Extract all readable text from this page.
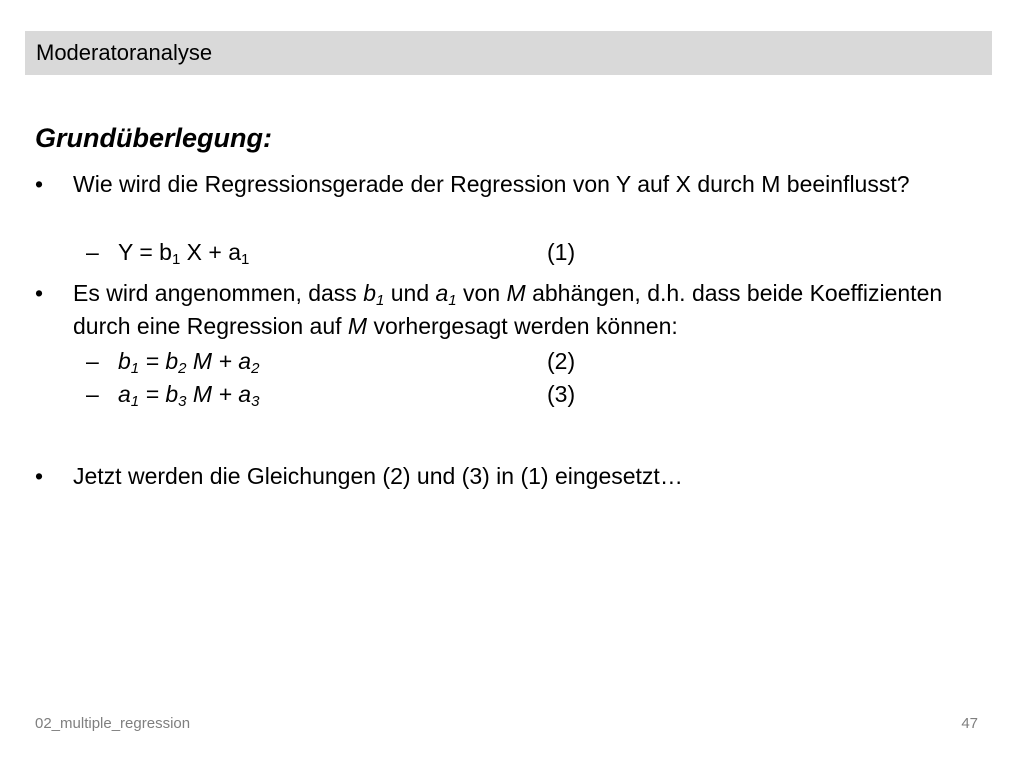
Moderatoranalyse
Grundüberlegung:
• Wie wird die Regressionsgerade der Regression von Y auf X durch M beeinflusst?
– $Y = b_1$ $X + a_1$	(1)
• Es wird angenommen, dass $b_1$ und $a_1$ von M abhängen, d.h. dass beide Koeffizienten durch eine Regression auf M vorhergesagt werden können:
– $b_1 = b_2$ $M + a_2$	(2)
– $a_1 = b_3$ $M + a_3$	(3)
• Jetzt werden die Gleichungen (2) und (3) in (1) eingesetzt…
02_multiple_regression	47
